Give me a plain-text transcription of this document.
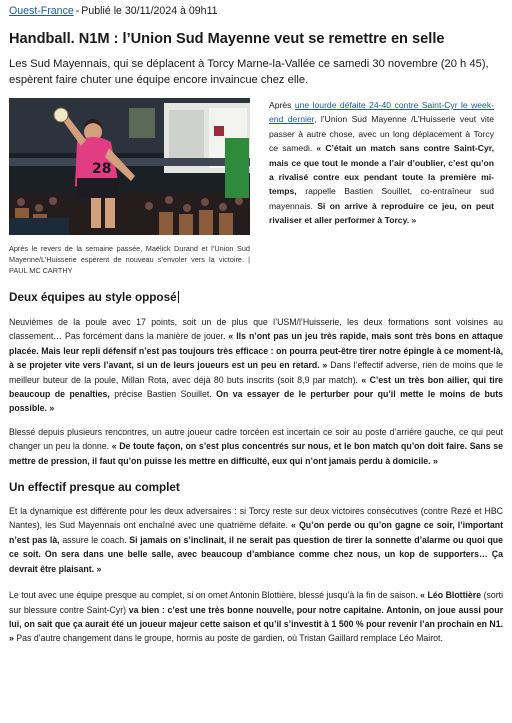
Ouest-France - Publié le 30/11/2024 à 09h11
Handball. N1M : l’Union Sud Mayenne veut se remettre en selle

Les Sud Mayennais, qui se déplacent à Torcy Marne-la-Vallée ce samedi 30 novembre (20 h 45), espèrent faire chuter une équipe encore invaincue chez elle.

28
Après le revers de la semaine passée, Maëlick Durand et l’Union Sud Mayenne/L’Huisserie espèrent de nouveau s’envoler vers la victoire. | PAUL MC CARTHY
Après une lourde défaite 24-40 contre Saint-Cyr le week-end dernier, l’Union Sud Mayenne /L’Huisserie veut vite passer à autre chose, avec un long déplacement à Torcy ce samedi. « C’était un match sans contre Saint-Cyr, mais ce que tout le monde a l’air d’oublier, c’est qu’on a rivalisé contre eux pendant toute la première mi-temps, rappelle Bastien Souillet, co-entraîneur sud mayennais. Si on arrive à reproduire ce jeu, on peut rivaliser et aller performer à Torcy. »
Deux équipes au style opposé

Neuvièmes de la poule avec 17 points, soit un de plus que l’USM/l’Huisserie, les deux formations sont voisines au classement… Pas forcément dans la manière de jouer. « Ils n’ont pas un jeu très rapide, mais sont très bons en attaque placée. Mais leur repli défensif n’est pas toujours très efficace : on pourra peut-être tirer notre épingle à ce moment-là, à se projeter vite vers l’avant, si un de leurs joueurs est un peu en retard. » Dans l’effectif adverse, rien de moins que le meilleur buteur de la poule, Millan Rota, avec déjà 80 buts inscrits (soit 8,9 par match). « C’est un très bon ailier, qui tire beaucoup de penalties, précise Bastien Souillet. On va essayer de le perturber pour qu’il mette le moins de buts possible. »

Blessé depuis plusieurs rencontres, un autre joueur cadre torcéen est incertain ce soir au poste d’arrière gauche, ce qui peut changer un peu la donne. « De toute façon, on s’est plus concentrés sur nous, et le bon match qu’on doit faire. Sans se mettre de pression, il faut qu’on puisse les mettre en difficulté, eux qui n’ont jamais perdu à domicile. »

Un effectif presque au complet

Et la dynamique est différente pour les deux adversaires : si Torcy reste sur deux victoires consécutives (contre Rezé et HBC Nantes), les Sud Mayennais ont enchaîné avec une quatrième défaite. « Qu’on perde ou qu’on gagne ce soir, l’important n’est pas là, assure le coach. Si jamais on s’inclinait, il ne serait pas question de tirer la sonnette d’alarme ou quoi que ce soit. On sera dans une belle salle, avec beaucoup d’ambiance comme chez nous, un kop de supporters… Ça devrait être plaisant. »

Le tout avec une équipe presque au complet, si on omet Antonin Blottière, blessé jusqu’à la fin de saison. « Léo Blottière (sorti sur blessure contre Saint-Cyr) va bien : c’est une très bonne nouvelle, pour notre capitaine. Antonin, on joue aussi pour lui, on sait que ça aurait été un joueur majeur cette saison et qu’il s’investit à 1 500 % pour revenir l’an prochain en N1. » Pas d’autre changement dans le groupe, hormis au poste de gardien, où Tristan Gaillard remplace Léo Mairot.
